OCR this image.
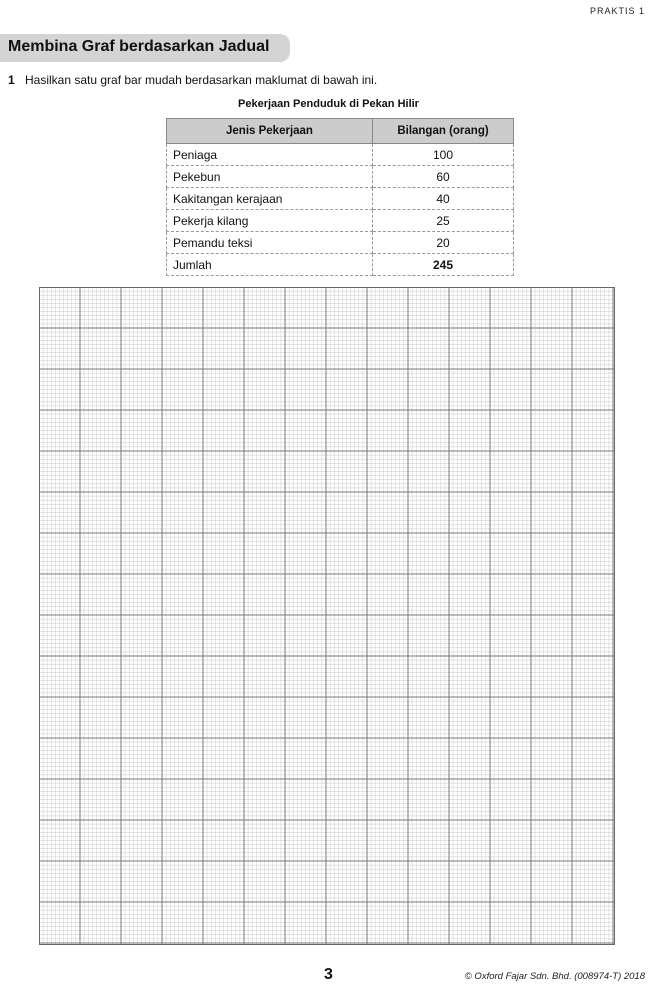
PRAKTIS 1
Membina Graf berdasarkan Jadual
1 Hasilkan satu graf bar mudah berdasarkan maklumat di bawah ini.
Pekerjaan Penduduk di Pekan Hilir
Jenis Pekerjaan	Bilangan (orang)
Peniaga	100
Pekebun	60
Kakitangan kerajaan	40
Pekerja kilang	25
Pemandu teksi	20
Jumlah	245
3	© Oxford Fajar Sdn. Bhd. (008974-T) 2018
